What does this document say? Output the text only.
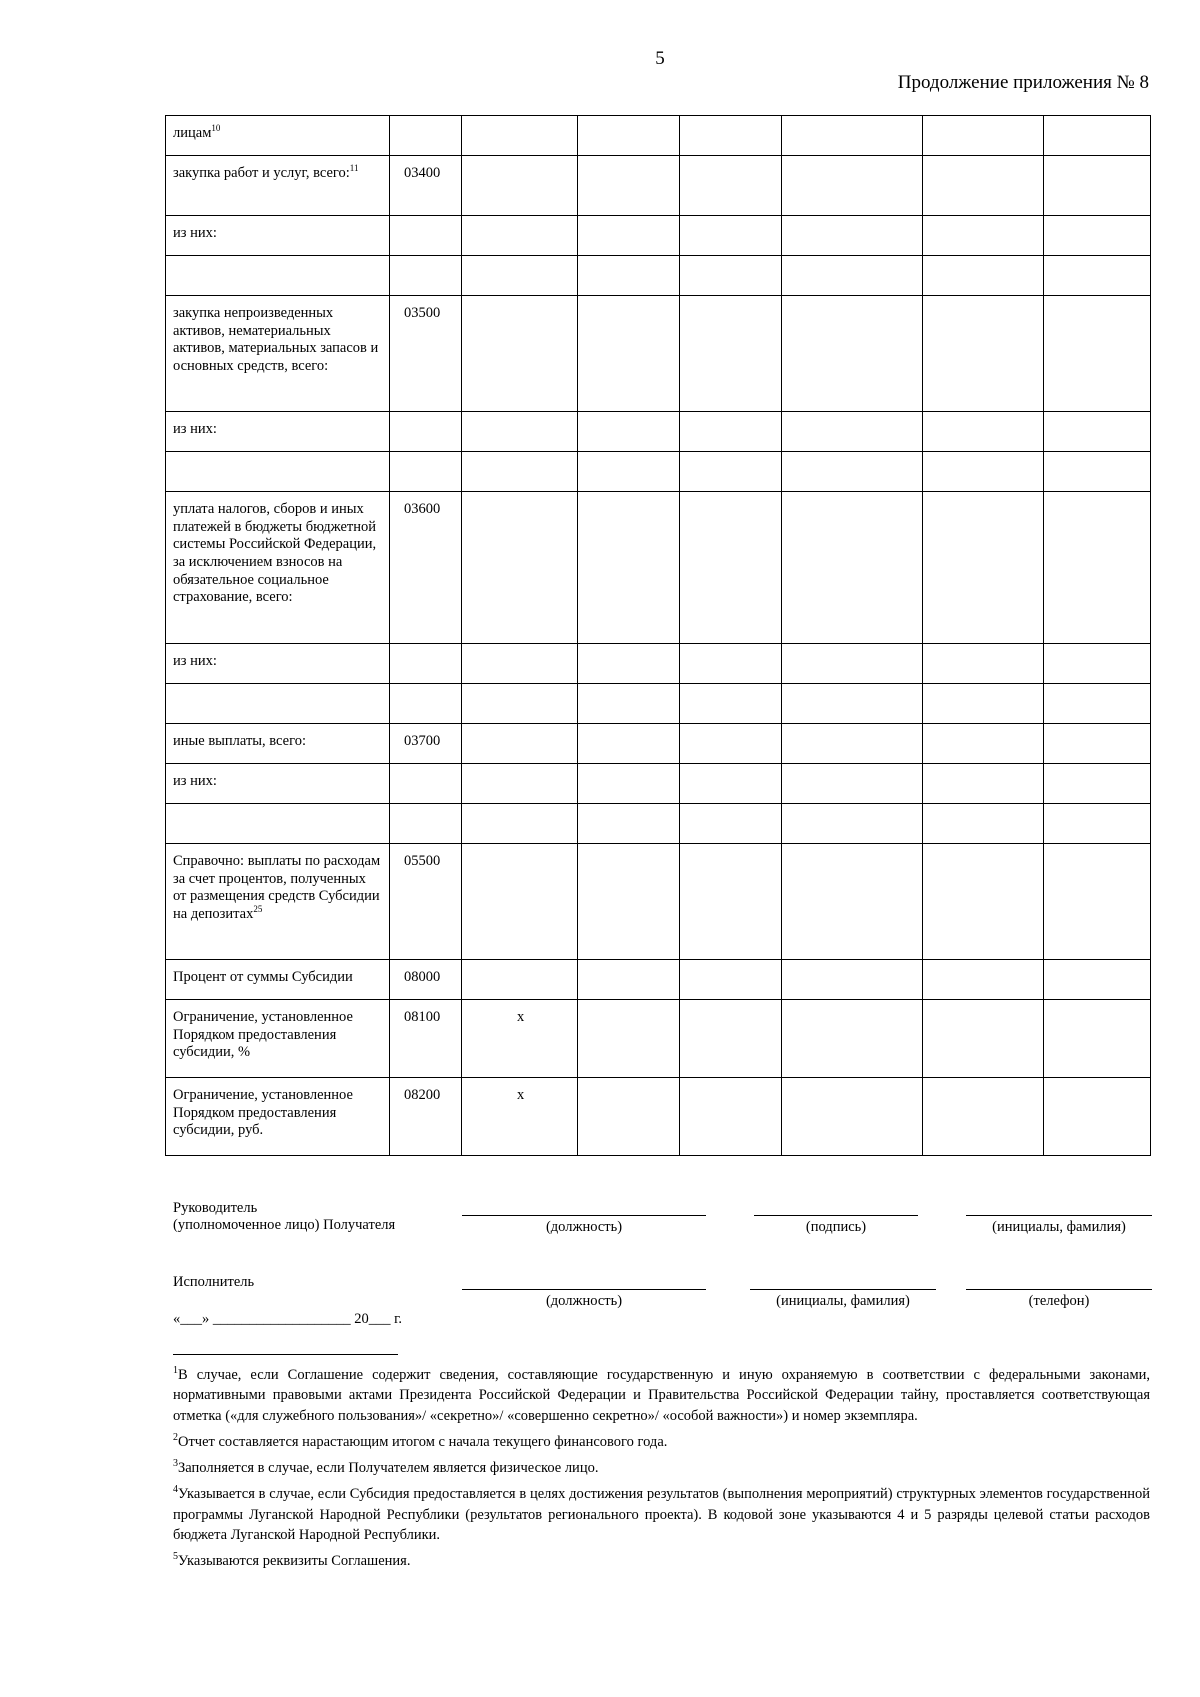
5
Продолжение приложения № 8
лицам$^{10}$							
закупка работ и услуг, всего:$^{11}$	03400						
из них:							

закупка непроизведенных активов, нематериальных активов, материальных запасов и основных средств, всего:	03500						
из них:							

уплата налогов, сборов и иных платежей в бюджеты бюджетной системы Российской Федерации, за исключением взносов на обязательное социальное страхование, всего:	03600						
из них:							

иные выплаты, всего:	03700						
из них:							

Справочно: выплаты по расходам за счет процентов, полученных от размещения средств Субсидии на депозитах$^{25}$	05500						
Процент от суммы Субсидии	08000						
Ограничение, установленное Порядком предоставления субсидии, %	08100	x					
Ограничение, установленное Порядком предоставления субсидии, руб.	08200	x					
Руководитель
(уполномоченное лицо) Получателя	(должность)	(подпись)	(инициалы, фамилия)
Исполнитель
(должность)	(инициалы, фамилия)	(телефон)
«___» ___________________ 20___ г.

$^1$В случае, если Соглашение содержит сведения, составляющие государственную и иную охраняемую в соответствии с федеральными законами, нормативными правовыми актами Президента Российской Федерации и Правительства Российской Федерации тайну, проставляется соответствующая отметка («для служебного пользования»/ «секретно»/ «совершенно секретно»/ «особой важности») и номер экземпляра.

$^2$Отчет составляется нарастающим итогом с начала текущего финансового года.

$^3$Заполняется в случае, если Получателем является физическое лицо.

$^4$Указывается в случае, если Субсидия предоставляется в целях достижения результатов (выполнения мероприятий) структурных элементов государственной программы Луганской Народной Республики (результатов регионального проекта). В кодовой зоне указываются 4 и 5 разряды целевой статьи расходов бюджета Луганской Народной Республики.

$^5$Указываются реквизиты Соглашения.
